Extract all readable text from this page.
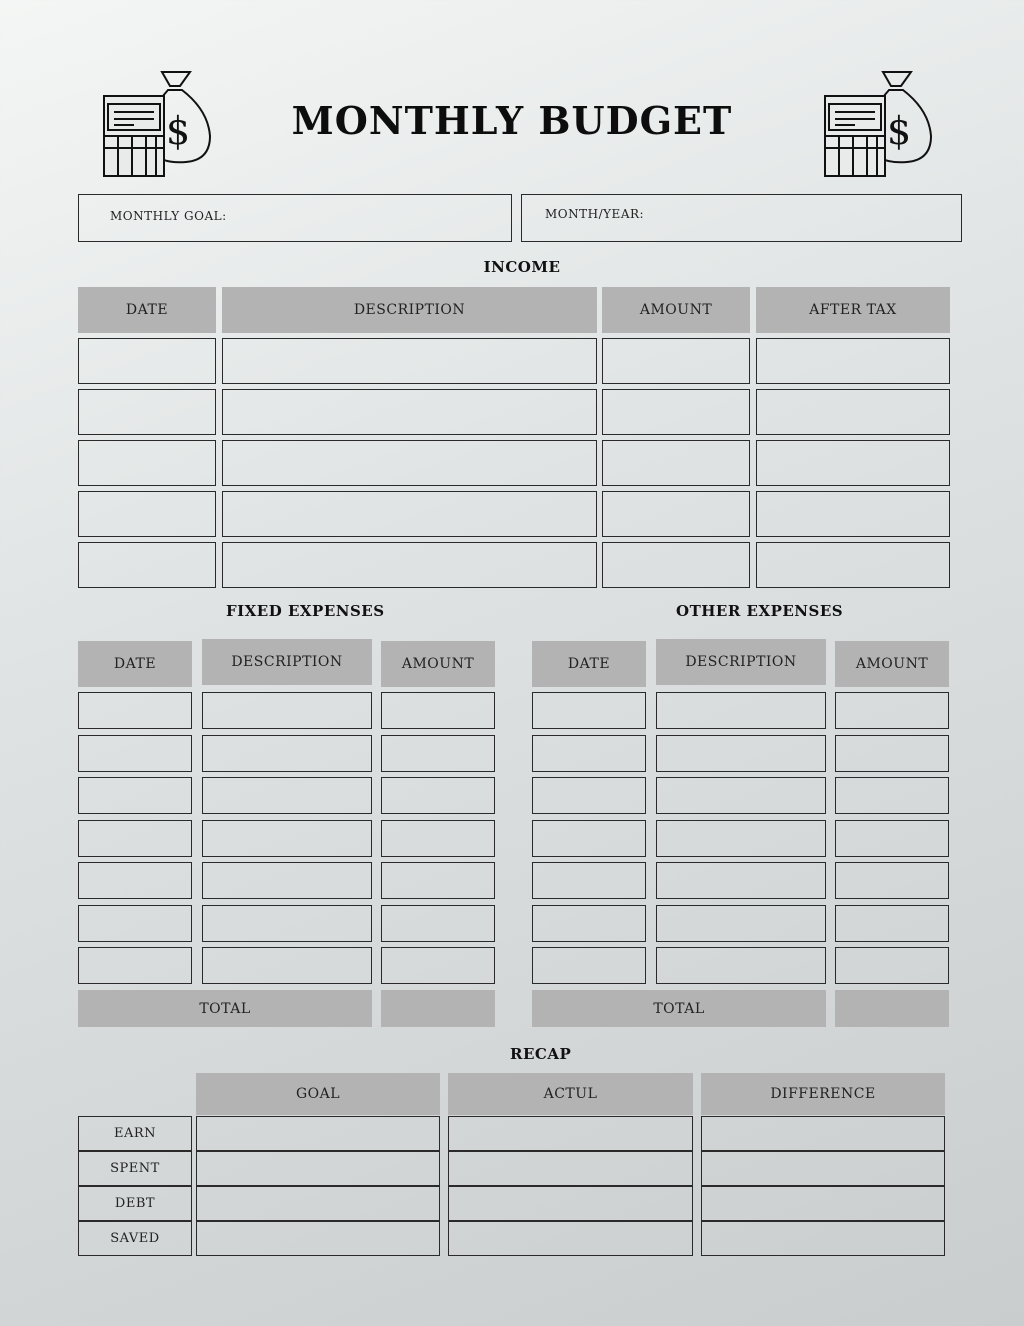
$	$
MONTHLY BUDGET
MONTHLY GOAL:	MONTH/YEAR:
INCOME
DATE	DESCRIPTION	AMOUNT	AFTER TAX
FIXED EXPENSES	OTHER EXPENSES
DATE	DESCRIPTION	AMOUNT
TOTAL
DATE	DESCRIPTION	AMOUNT
TOTAL
RECAP
GOAL	ACTUL	DIFFERENCE
EARN
SPENT
DEBT
SAVED
